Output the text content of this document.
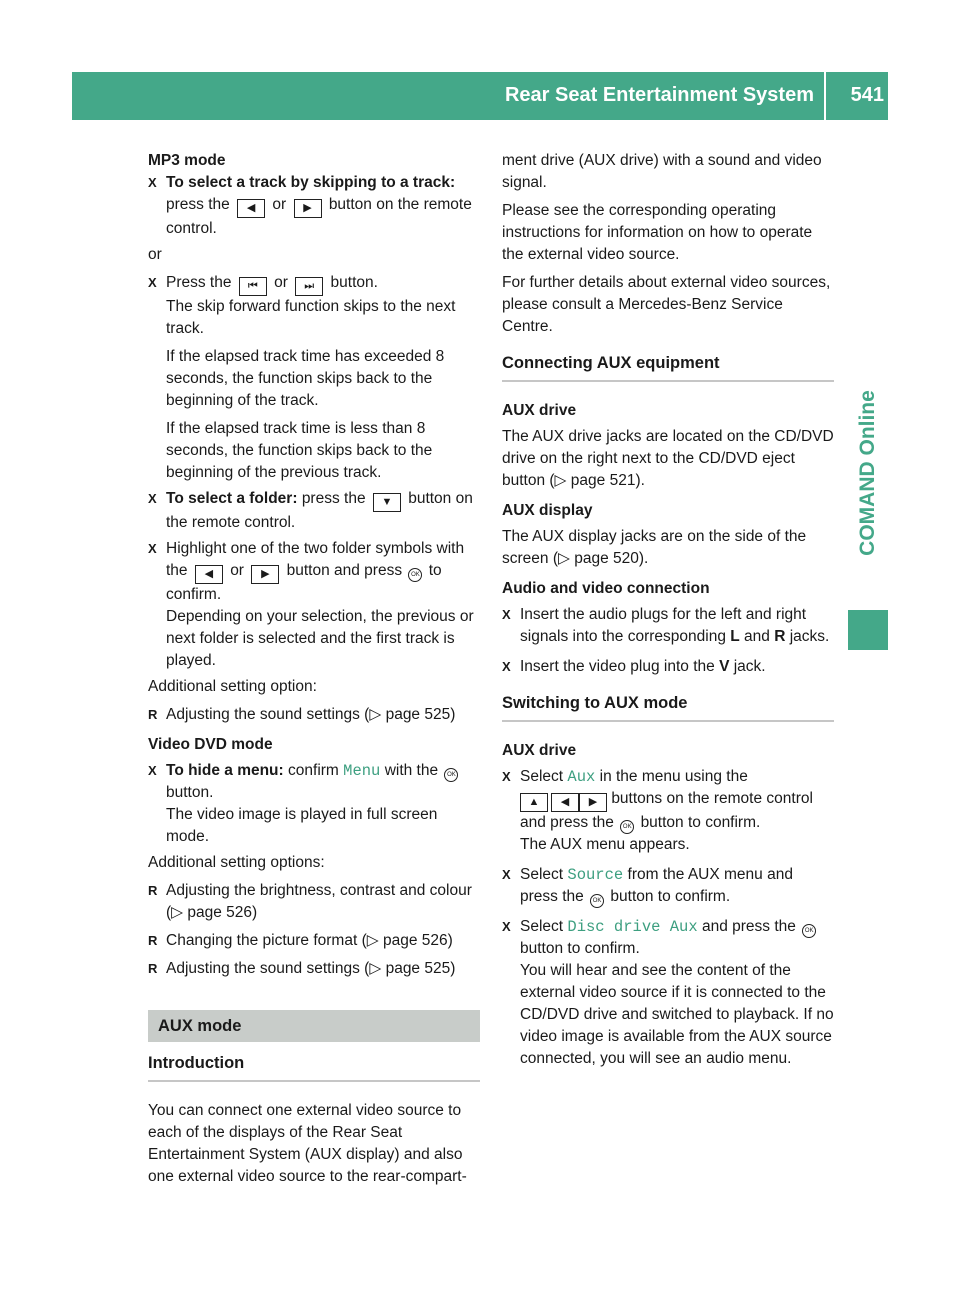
Rear Seat Entertainment System 541
COMAND Online
MP3 mode
X To select a track by skipping to a track:
press the ◀ or ▶ button on the remote control.
or
X Press the ⏮ or ⏭ button.
The skip forward function skips to the next track.
If the elapsed track time has exceeded 8 seconds, the function skips back to the beginning of the track.
If the elapsed track time is less than 8 seconds, the function skips back to the beginning of the previous track.
X To select a folder: press the ▼ button on the remote control.
X Highlight one of the two folder symbols with the ◀ or ▶ button and press OK to confirm.
Depending on your selection, the previous or next folder is selected and the first track is played.
Additional setting option:
R Adjusting the sound settings (▷ page 525)
Video DVD mode
X To hide a menu: confirm Menu with the OK button.
The video image is played in full screen mode.
Additional setting options:
R Adjusting the brightness, contrast and colour (▷ page 526)
R Changing the picture format (▷ page 526)
R Adjusting the sound settings (▷ page 525)
AUX mode
Introduction
You can connect one external video source to each of the displays of the Rear Seat Entertainment System (AUX display) and also one external video source to the rear-compart-
ment drive (AUX drive) with a sound and video signal.
Please see the corresponding operating instructions for information on how to operate the external video source.
For further details about external video sources, please consult a Mercedes-Benz Service Centre.
Connecting AUX equipment
AUX drive
The AUX drive jacks are located on the CD/DVD drive on the right next to the CD/DVD eject button (▷ page 521).
AUX display
The AUX display jacks are on the side of the screen (▷ page 520).
Audio and video connection
X Insert the audio plugs for the left and right signals into the corresponding L and R jacks.
X Insert the video plug into the V jack.
Switching to AUX mode
AUX drive
X Select Aux in the menu using the
▲ ◀ ▶ buttons on the remote control and press the OK button to confirm.
The AUX menu appears.
X Select Source from the AUX menu and press the OK button to confirm.
X Select Disc drive Aux and press the OK button to confirm.
You will hear and see the content of the external video source if it is connected to the CD/DVD drive and switched to playback. If no video image is available from the AUX source connected, you will see an audio menu.
